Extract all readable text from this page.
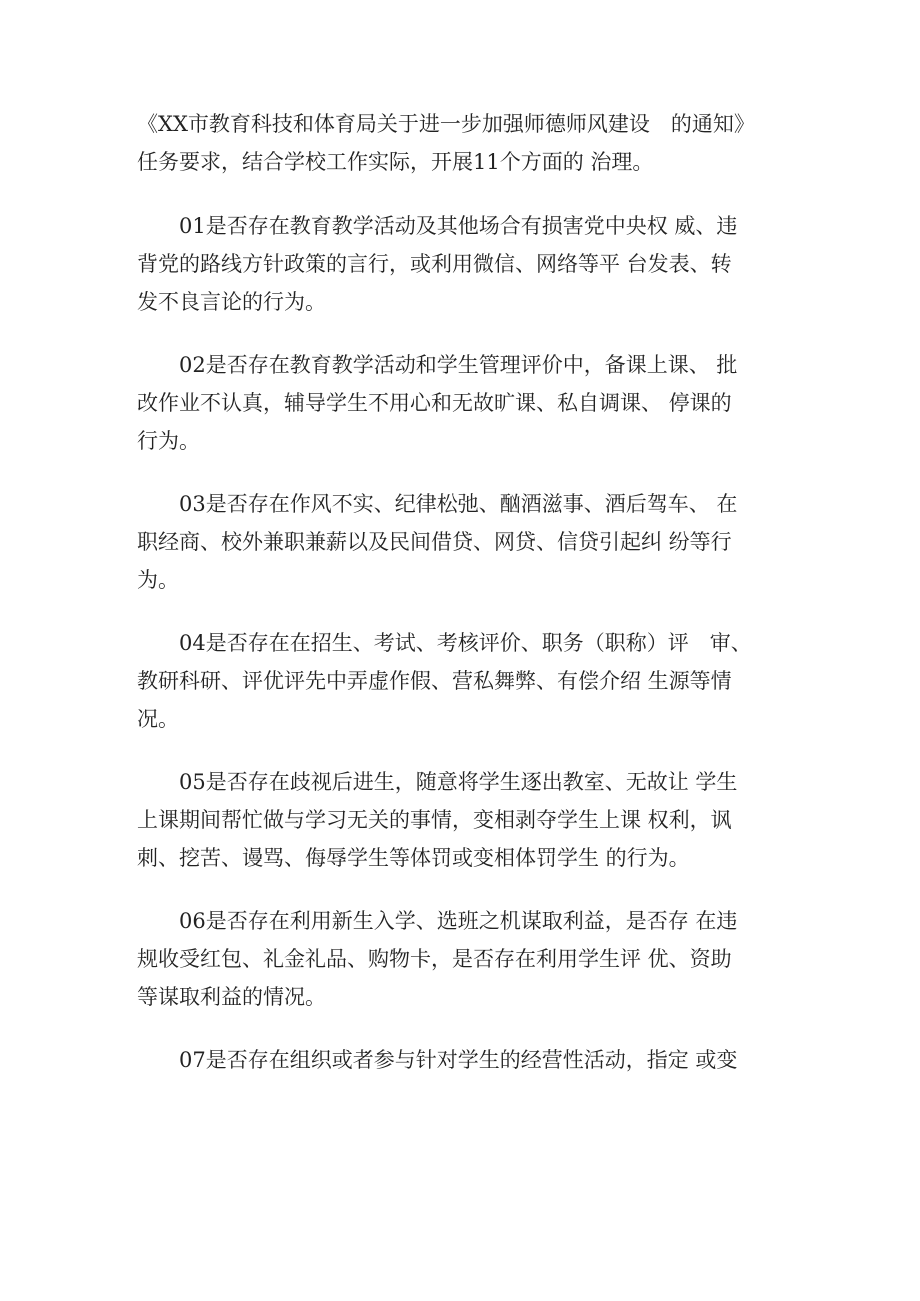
《XX市教育科技和体育局关于进一步加强师德师风建设　的通知》
任务要求，结合学校工作实际，开展11个方面的 治理。

01是否存在教育教学活动及其他场合有损害党中央权 威、违
背党的路线方针政策的言行，或利用微信、网络等平 台发表、转
发不良言论的行为。

02是否存在教育教学活动和学生管理评价中，备课上课、 批
改作业不认真，辅导学生不用心和无故旷课、私自调课、 停课的
行为。

03是否存在作风不实、纪律松弛、酗酒滋事、酒后驾车、 在
职经商、校外兼职兼薪以及民间借贷、网贷、信贷引起纠 纷等行
为。

04是否存在在招生、考试、考核评价、职务（职称）评　审、
教研科研、评优评先中弄虚作假、营私舞弊、有偿介绍 生源等情
况。

05是否存在歧视后进生，随意将学生逐出教室、无故让 学生
上课期间帮忙做与学习无关的事情，变相剥夺学生上课 权利，讽
刺、挖苦、谩骂、侮辱学生等体罚或变相体罚学生 的行为。

06是否存在利用新生入学、选班之机谋取利益，是否存 在违
规收受红包、礼金礼品、购物卡，是否存在利用学生评 优、资助
等谋取利益的情况。

07是否存在组织或者参与针对学生的经营性活动，指定 或变
